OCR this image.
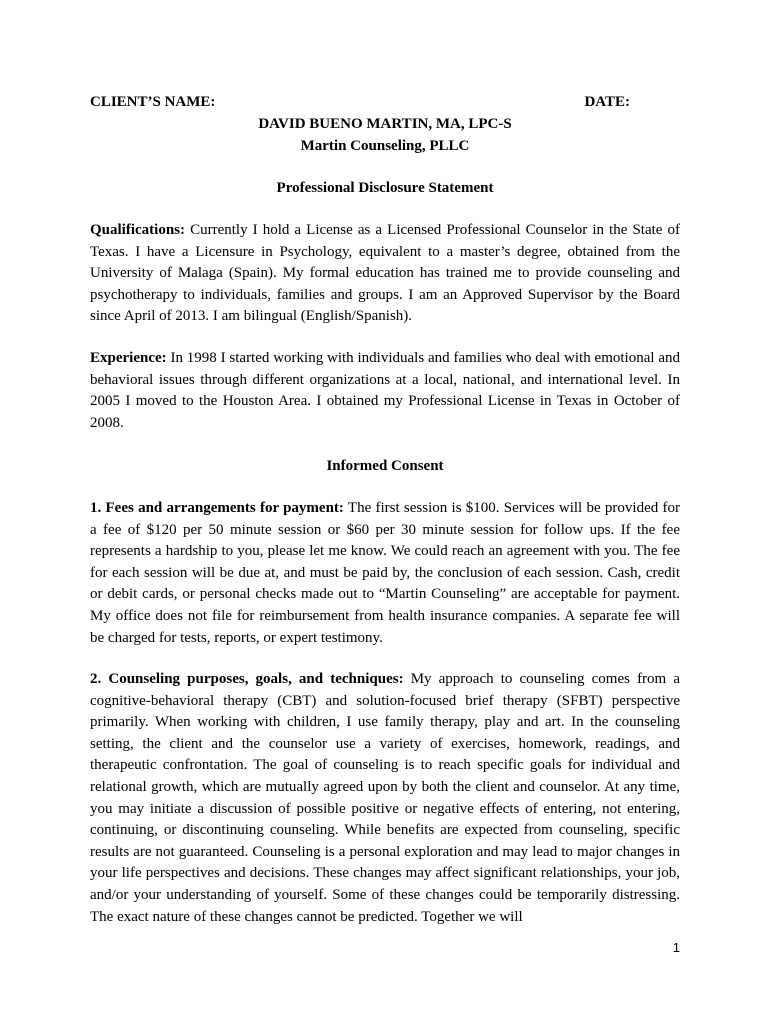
CLIENT’S NAME:	DATE:
DAVID BUENO MARTIN, MA, LPC-S
Martin Counseling, PLLC
Professional Disclosure Statement

Qualifications: Currently I hold a License as a Licensed Professional Counselor in the State of Texas. I have a Licensure in Psychology, equivalent to a master’s degree, obtained from the University of Malaga (Spain). My formal education has trained me to provide counseling and psychotherapy to individuals, families and groups. I am an Approved Supervisor by the Board since April of 2013. I am bilingual (English/Spanish).

Experience: In 1998 I started working with individuals and families who deal with emotional and behavioral issues through different organizations at a local, national, and international level. In 2005 I moved to the Houston Area. I obtained my Professional License in Texas in October of 2008.

Informed Consent

1. Fees and arrangements for payment: The first session is $100. Services will be provided for a fee of $120 per 50 minute session or $60 per 30 minute session for follow ups. If the fee represents a hardship to you, please let me know. We could reach an agreement with you. The fee for each session will be due at, and must be paid by, the conclusion of each session. Cash, credit or debit cards, or personal checks made out to “Martin Counseling” are acceptable for payment. My office does not file for reimbursement from health insurance companies. A separate fee will be charged for tests, reports, or expert testimony.

2. Counseling purposes, goals, and techniques: My approach to counseling comes from a cognitive-behavioral therapy (CBT) and solution-focused brief therapy (SFBT) perspective primarily. When working with children, I use family therapy, play and art. In the counseling setting, the client and the counselor use a variety of exercises, homework, readings, and therapeutic confrontation. The goal of counseling is to reach specific goals for individual and relational growth, which are mutually agreed upon by both the client and counselor. At any time, you may initiate a discussion of possible positive or negative effects of entering, not entering, continuing, or discontinuing counseling. While benefits are expected from counseling, specific results are not guaranteed. Counseling is a personal exploration and may lead to major changes in your life perspectives and decisions. These changes may affect significant relationships, your job, and/or your understanding of yourself. Some of these changes could be temporarily distressing. The exact nature of these changes cannot be predicted. Together we will

1
